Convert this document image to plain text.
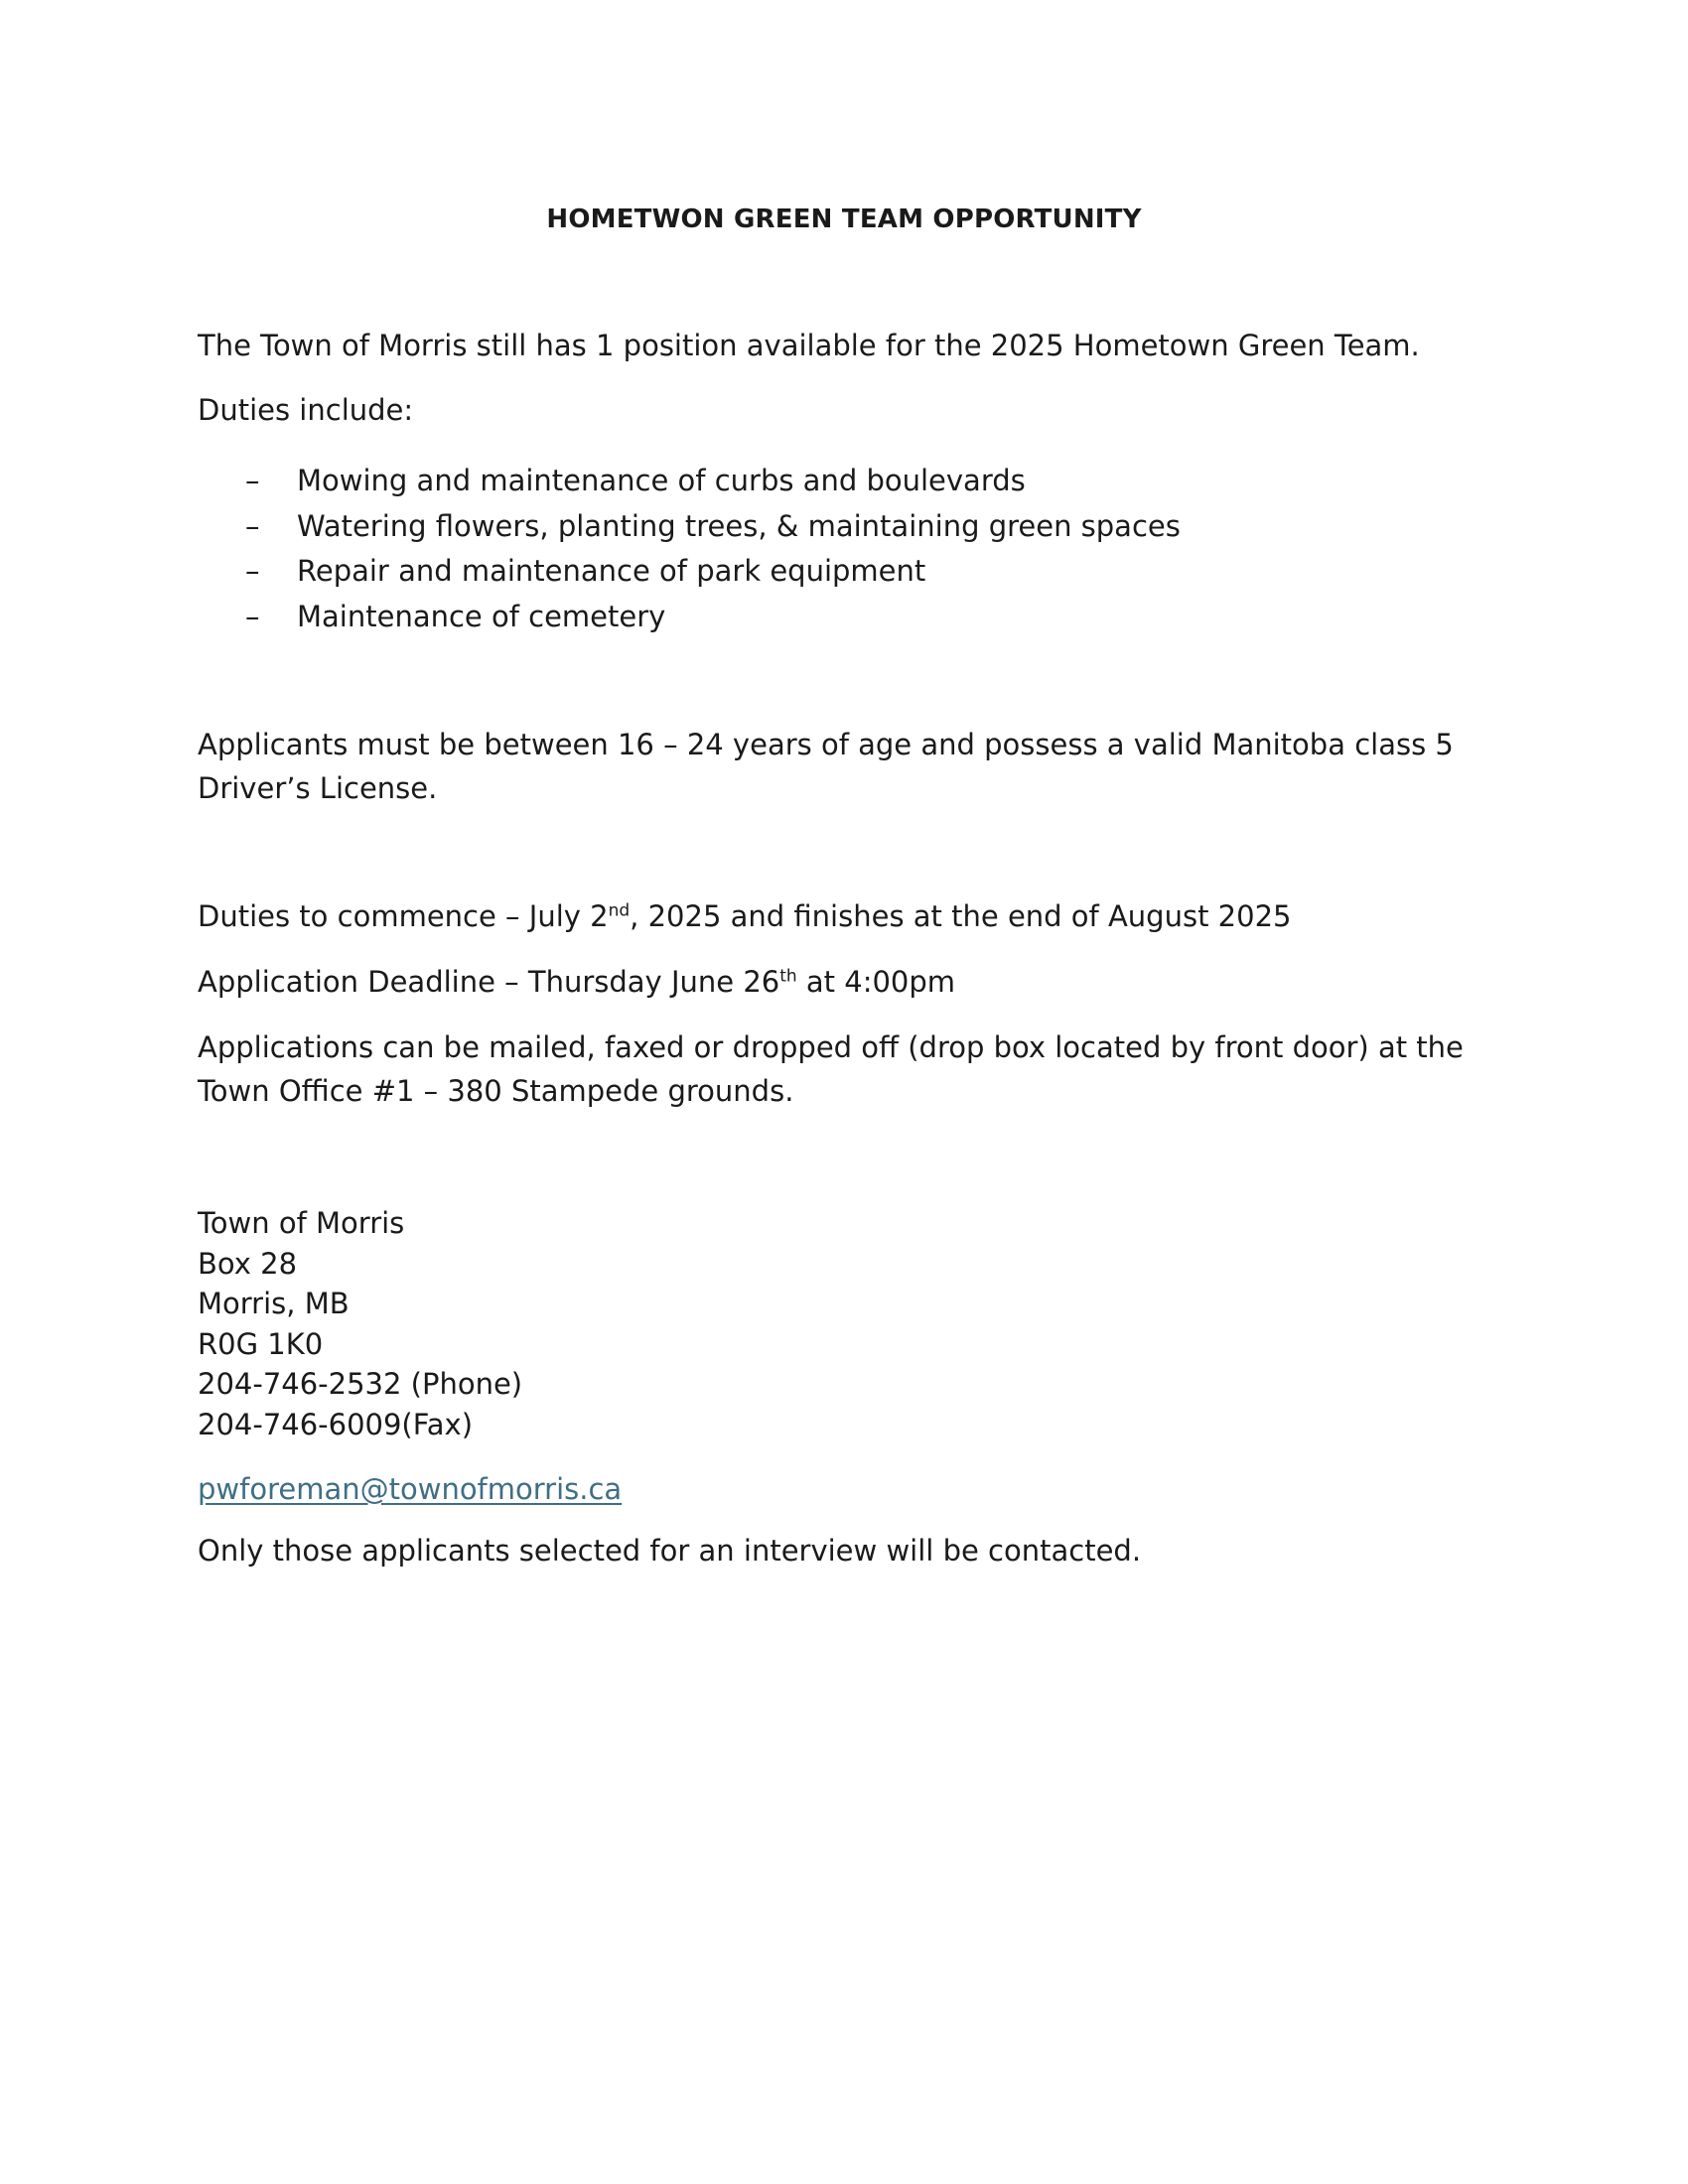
HOMETWON GREEN TEAM OPPORTUNITY

The Town of Morris still has 1 position available for the 2025 Hometown Green Team.

Duties include:

– Mowing and maintenance of curbs and boulevards
– Watering flowers, planting trees, & maintaining green spaces
– Repair and maintenance of park equipment
– Maintenance of cemetery

Applicants must be between 16 – 24 years of age and possess a valid Manitoba class 5 Driver’s License.

Duties to commence – July 2nd, 2025 and finishes at the end of August 2025

Application Deadline – Thursday June 26th at 4:00pm

Applications can be mailed, faxed or dropped off (drop box located by front door) at the Town Office #1 – 380 Stampede grounds.

Town of Morris
Box 28
Morris, MB
R0G 1K0
204-746-2532 (Phone)
204-746-6009(Fax)
pwforeman@townofmorris.ca

Only those applicants selected for an interview will be contacted.
